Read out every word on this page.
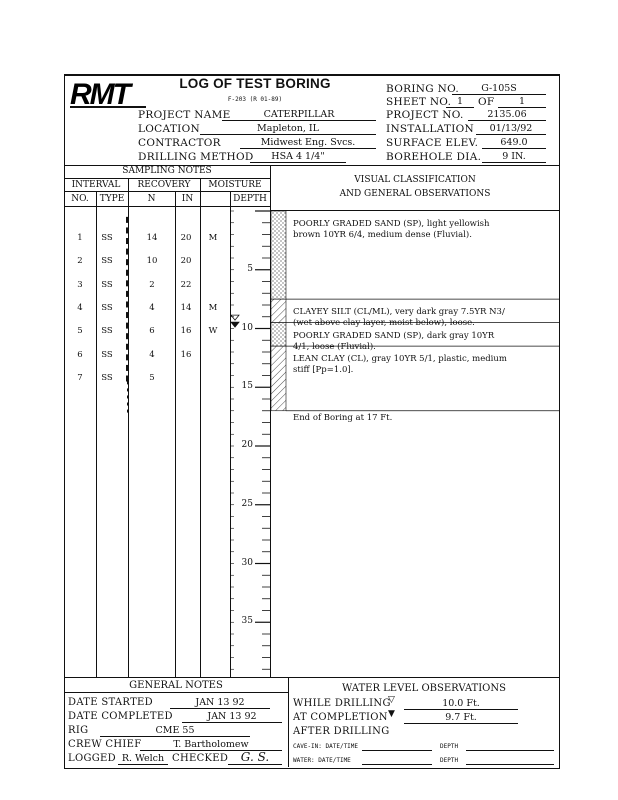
RMT	LOG OF TEST BORING
F-203 (R 01-89)
PROJECT NAME	CATERPILLAR
LOCATION	Mapleton, IL
CONTRACTOR	Midwest Eng. Svcs.
DRILLING METHOD	HSA 4 1/4"
BORING NO.	G-105S
SHEET NO. 1	OF	1
PROJECT NO.	2135.06
INSTALLATION	01/13/92
SURFACE ELEV.	649.0
BOREHOLE DIA.	9 IN.
SAMPLING NOTES
INTERVAL	RECOVERY	MOISTURE
NO.	TYPE	N	IN	DEPTH
VISUAL CLASSIFICATION
AND GENERAL OBSERVATIONS
1	SS	14	20	M
2	SS	10	20
3	SS	2	22
4	SS	4	14	M
5	SS	6	16	W
6	SS	4	16
7	SS	5
5
10
15
20
25
30
35
POORLY GRADED SAND (SP), light yellowish
brown 10YR 6/4, medium dense (Fluvial).
CLAYEY SILT (CL/ML), very dark gray 7.5YR N3/
(wet above clay layer, moist below), loose.
POORLY GRADED SAND (SP), dark gray 10YR
4/1, loose (Fluvial).
LEAN CLAY (CL), gray 10YR 5/1, plastic, medium
stiff [Pp=1.0].
End of Boring at 17 Ft.
GENERAL NOTES
DATE STARTED	JAN 13 92
DATE COMPLETED	JAN 13 92
RIG	CME 55
CREW CHIEF	T. Bartholomew
LOGGED R. Welch CHECKED	G. S.
WATER LEVEL OBSERVATIONS
WHILE DRILLING
▽	10.0 Ft.
AT COMPLETION ▼	9.7 Ft.
AFTER DRILLING
CAVE-IN: DATE/TIME	DEPTH
WATER: DATE/TIME	DEPTH
